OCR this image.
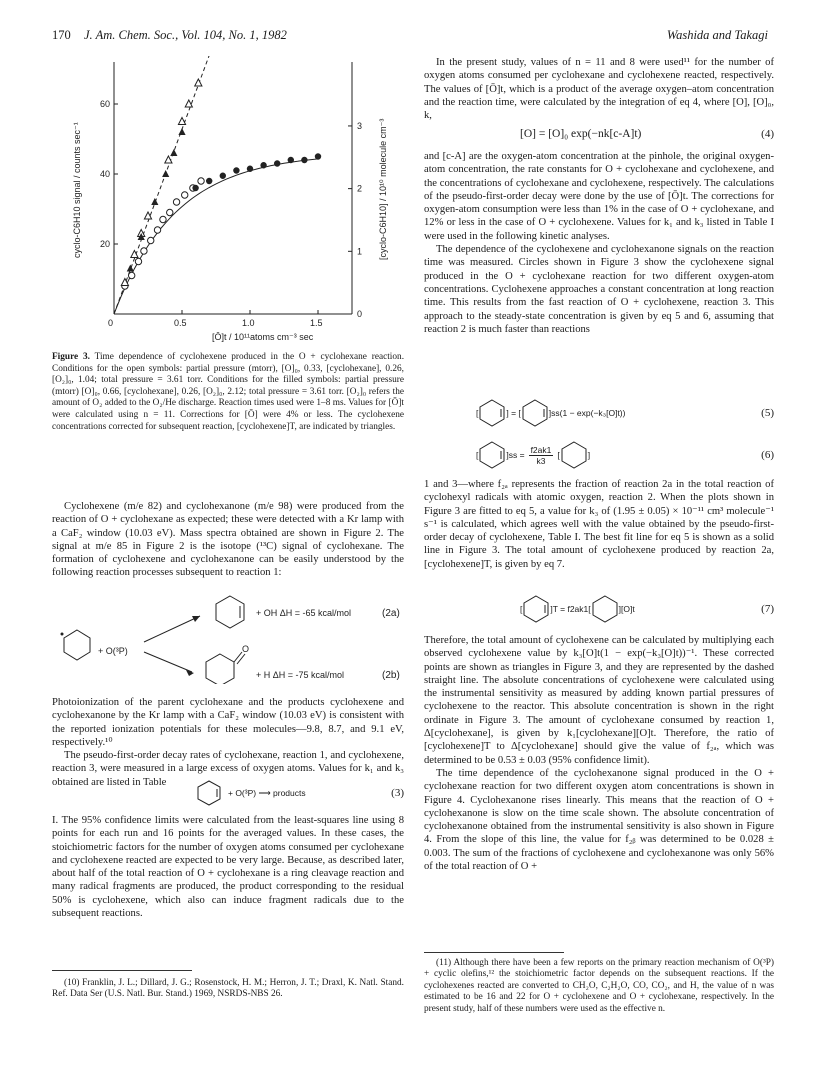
170 J. Am. Chem. Soc., Vol. 104, No. 1, 1982	Washida and Takagi
0	0.5	1.0	1.5
20
40
60
0
1
2
3
[Ō]t / 10¹¹atoms cm⁻³ sec
cyclo-C6H10 signal / counts sec⁻¹	[cyclo-C6H10] / 10¹⁰ molecule cm⁻³
Figure 3. Time dependence of cyclohexene produced in the O + cyclohexane reaction. Conditions for the open symbols: partial pressure (mtorr), [O]₀, 0.33, [cyclohexane], 0.26, [O₂]₀, 1.04; total pressure = 3.61 torr. Conditions for the filled symbols: partial pressure (mtorr) [O]₀, 0.66, [cyclohexane], 0.26, [O₂]₀, 2.12; total pressure = 3.61 torr. [O₂]₀ refers the amount of O₂ added to the O₂/He discharge. Reaction times used were 1–8 ms. Values for [Ō]t were calculated using n = 11. Corrections for [Ō] were 4% or less. The cyclohexene concentrations corrected for subsequent reaction, [cyclohexene]T, are indicated by triangles.

Cyclohexene (m/e 82) and cyclohexanone (m/e 98) were produced from the reaction of O + cyclohexane as expected; these were detected with a Kr lamp with a CaF₂ window (10.03 eV). Mass spectra obtained are shown in Figure 2. The signal at m/e 85 in Figure 2 is the isotope (¹³C) signal of cyclohexane. The formation of cyclohexene and cyclohexanone can be easily understood by the following reaction processes subsequent to reaction 1:

+ O(³P)
+ OH ΔH = -65 kcal/mol	(2a)
O
+ H ΔH = -75 kcal/mol	(2b)

Photoionization of the parent cyclohexane and the products cyclohexene and cyclohexanone by the Kr lamp with a CaF₂ window (10.03 eV) is consistent with the reported ionization potentials for these molecules—9.8, 8.7, and 9.1 eV, respectively.¹⁰

The pseudo-first-order decay rates of cyclohexane, reaction 1, and cyclohexene, reaction 3, were measured in a large excess of oxygen atoms. Values for k₁ and k₃ obtained are listed in Table

+ O(³P) ⟶ products	(3)

I. The 95% confidence limits were calculated from the least-squares line using 8 points for each run and 16 points for the averaged values. In these cases, the stoichiometric factors for the number of oxygen atoms consumed per cyclohexane and cyclohexene reacted are expected to be very large. Because, as described later, about half of the total reaction of O + cyclohexane is a ring cleavage reaction and many radical fragments are produced, the product corresponding to the residual 50% is cyclohexene, which also can induce fragment radicals due to the subsequent reactions.

(10) Franklin, J. L.; Dillard, J. G.; Rosenstock, H. M.; Herron, J. T.; Draxl, K. Natl. Stand. Ref. Data Ser (U.S. Natl. Bur. Stand.) 1969, NSRDS-NBS 26.

In the present study, values of n = 11 and 8 were used¹¹ for the number of oxygen atoms consumed per cyclohexane and cyclohexene reacted, respectively. The values of [Ō]t, which is a product of the average oxygen–atom concentration and the reaction time, were calculated by the integration of eq 4, where [O], [O]₀, k,

[O] = [O]₀ exp(−nk[c-A]t)	(4)

and [c-A] are the oxygen-atom concentration at the pinhole, the original oxygen-atom concentration, the rate constants for O + cyclohexane and cyclohexene, and the concentrations of cyclohexane and cyclohexene, respectively. The calculations of the pseudo-first-order decay were done by the use of [Ō]t. The corrections for oxygen-atom consumption were less than 1% in the case of O + cyclohexane, and 12% or less in the case of O + cyclohexene. Values for k₁ and k₃ listed in Table I were used in the following kinetic analyses.

The dependence of the cyclohexene and cyclohexanone signals on the reaction time was measured. Circles shown in Figure 3 show the cyclohexene signal produced in the O + cyclohexane reaction for two different oxygen-atom concentrations. Cyclohexene approaches a constant concentration at long reaction time. This results from the fast reaction of O + cyclohexene, reaction 3. This approach to the steady-state concentration is given by eq 5 and 6, assuming that reaction 2 is much faster than reactions

[	] = [	]ss(1 − exp(−k₃[O]t))	(5)
[	]$ss = \frac{f2ak1}{k3}$ [	]	(6)

1 and 3—where f₂ₐ represents the fraction of reaction 2a in the total reaction of cyclohexyl radicals with atomic oxygen, reaction 2. When the plots shown in Figure 3 are fitted to eq 5, a value for k₃ of (1.95 ± 0.05) × 10⁻¹¹ cm³ molecule⁻¹ s⁻¹ is calculated, which agrees well with the value obtained by the pseudo-first-order decay of cyclohexene, Table I. The best fit line for eq 5 is shown as a solid line in Figure 3. The total amount of cyclohexene produced by reaction 2a, [cyclohexene]T, is given by eq 7.

[	]T = f2ak1[	][O]t	(7)

Therefore, the total amount of cyclohexene can be calculated by multiplying each observed cyclohexene value by k₃[O]t(1 − exp(−k₃[O]t))⁻¹. These corrected points are shown as triangles in Figure 3, and they are represented by the dashed straight line. The absolute concentrations of cyclohexene were calculated using the instrumental sensitivity as measured by adding known partial pressures of cyclohexene to the reactor. This absolute concentration is shown in the right ordinate in Figure 3. The amount of cyclohexane consumed by reaction 1, Δ[cyclohexane], is given by k₁[cyclohexane][O]t. Therefore, the ratio of [cyclohexene]T to Δ[cyclohexane] should give the value of f₂ₐ, which was determined to be 0.53 ± 0.03 (95% confidence limit).

The time dependence of the cyclohexanone signal produced in the O + cyclohexane reaction for two different oxygen atom concentrations is shown in Figure 4. Cyclohexanone rises linearly. This means that the reaction of O + cyclohexanone is slow on the time scale shown. The absolute concentration of cyclohexanone obtained from the instrumental sensitivity is also shown in Figure 4. From the slope of this line, the value for f₂ᵦ was determined to be 0.028 ± 0.003. The sum of the fractions of cyclohexene and cyclohexanone was only 56% of the total reaction of O +

(11) Although there have been a few reports on the primary reaction mechanism of O(³P) + cyclic olefins,¹² the stoichiometric factor depends on the subsequent reactions. If the cyclohexenes reacted are converted to CH₂O, C₂H₂O, CO, CO₂, and H, the value of n was estimated to be 16 and 22 for O + cyclohexene and O + cyclohexane, respectively. In the present study, half of these numbers were used as the effective n.
